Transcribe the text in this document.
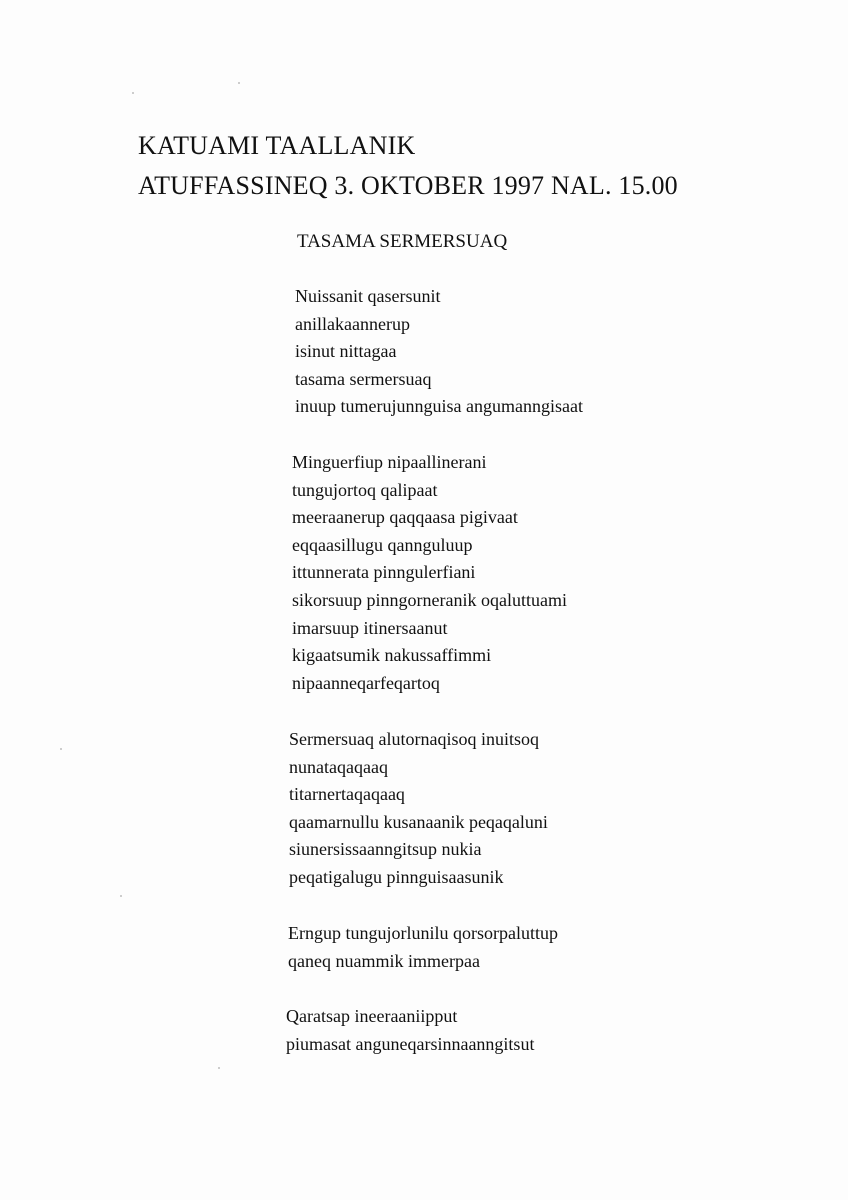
KATUAMI TAALLANIK
ATUFFASSINEQ 3. OKTOBER 1997 NAL. 15.00
TASAMA SERMERSUAQ
Nuissanit qasersunit
anillakaannerup
isinut nittagaa
tasama sermersuaq
inuup tumerujunnguisa angumanngisaat
Minguerfiup nipaallinerani
tungujortoq qalipaat
meeraanerup qaqqaasa pigivaat
eqqaasillugu qannguluup
ittunnerata pinngulerfiani
sikorsuup pinngorneranik oqaluttuami
imarsuup itinersaanut
kigaatsumik nakussaffimmi
nipaanneqarfeqartoq
Sermersuaq alutornaqisoq inuitsoq
nunataqaqaaq
titarnertaqaqaaq
qaamarnullu kusanaanik peqaqaluni
siunersissaanngitsup nukia
peqatigalugu pinnguisaasunik
Erngup tungujorlunilu qorsorpaluttup
qaneq nuammik immerpaa
Qaratsap ineeraaniipput
piumasat anguneqarsinnaanngitsut
